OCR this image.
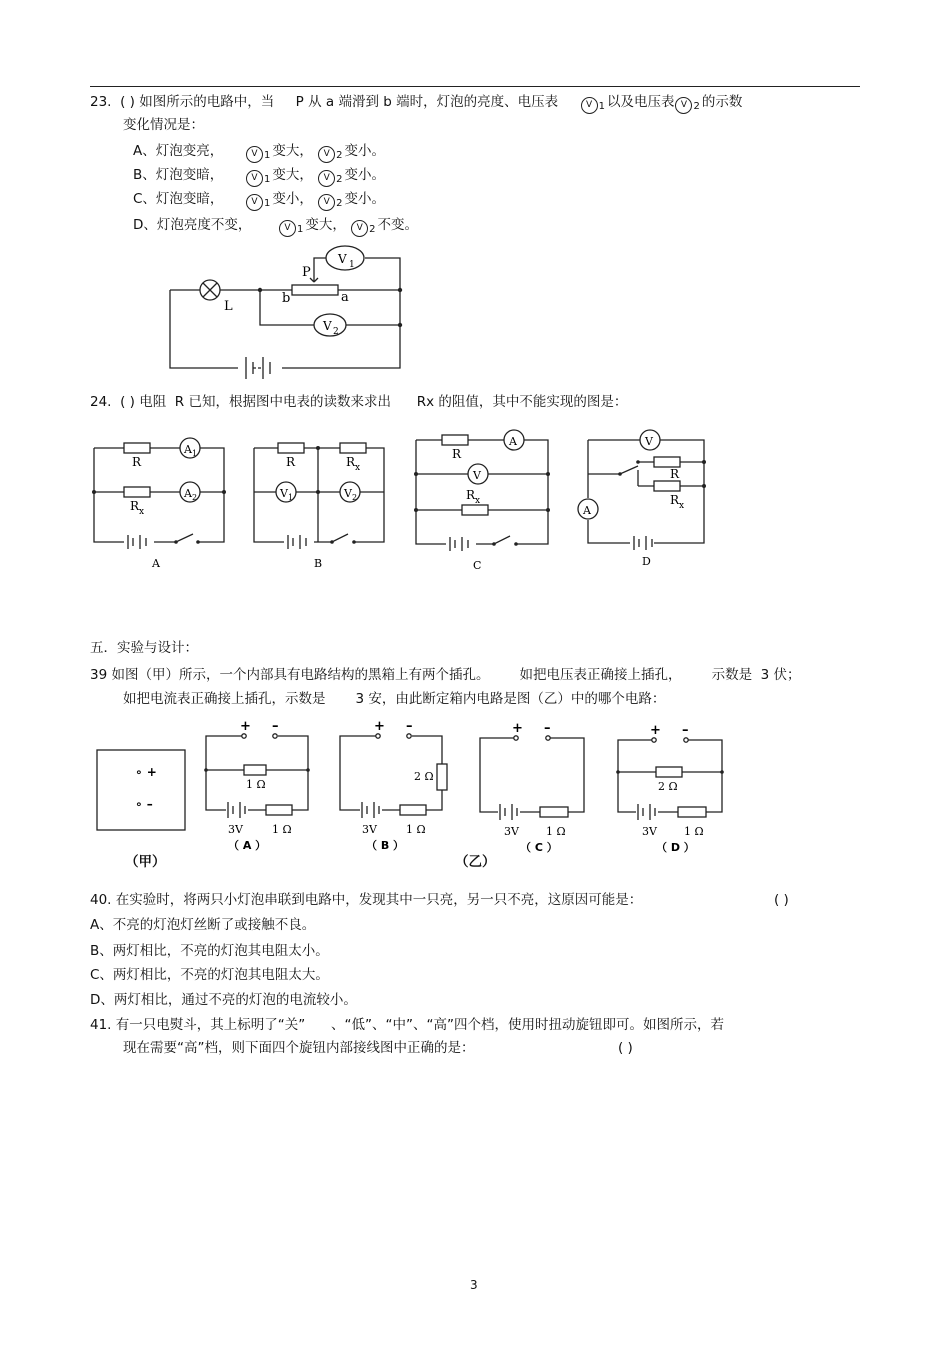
23. ( ) 如图所示的电路中，当 P 从 a 端滑到 b 端时，灯泡的亮度、电压表	V $_1$ 以及电压表 V $_2$ 的示数
变化情况是：
A、灯泡变亮，	V $_1$ 变大， V $_2$ 变小。
B、灯泡变暗，	V $_1$ 变大， V $_2$ 变小。
C、灯泡变暗，	V $_1$ 变小， V $_2$ 变小。
D、灯泡亮度不变，	V $_1$ 变大， V $_2$ 不变。
L
P
b	a
V 1
V 2
24. ( ) 电阻 R 已知，根据图中电表的读数来求出 Rx 的阻值，其中不能实现的图是：
R
R x
A 1
A 2
A
R	R x
V 1	V 2
B
R
R x
A
V
C
R
R x
V
A
D
五．实验与设计：
39 如图（甲）所示，一个内部具有电路结构的黑箱上有两个插孔。 如把电压表正确接上插孔， 示数是 3 伏；
如把电流表正确接上插孔，示数是 3 安，由此断定箱内电路是图（乙）中的哪个电路：
∘ +
∘ –
（甲）
+ –
1 Ω
3V	1 Ω
（ A ）
+ –
2 Ω
3V	1 Ω
（ B ）
（乙）
+ –
3V 1 Ω
（ C ）
+ –
2 Ω
3V 1 Ω
（ D ）
40. 在实验时，将两只小灯泡串联到电路中，发现其中一只亮，另一只不亮，这原因可能是：	( )
A、不亮的灯泡灯丝断了或接触不良。
B、两灯相比，不亮的灯泡其电阻太小。
C、两灯相比，不亮的灯泡其电阻太大。
D、两灯相比，通过不亮的灯泡的电流较小。
41. 有一只电熨斗，其上标明了“关” 、“低”、“中”、“高”四个档，使用时扭动旋钮即可。如图所示，若
现在需要“高”档，则下面四个旋钮内部接线图中正确的是：	( )
3
